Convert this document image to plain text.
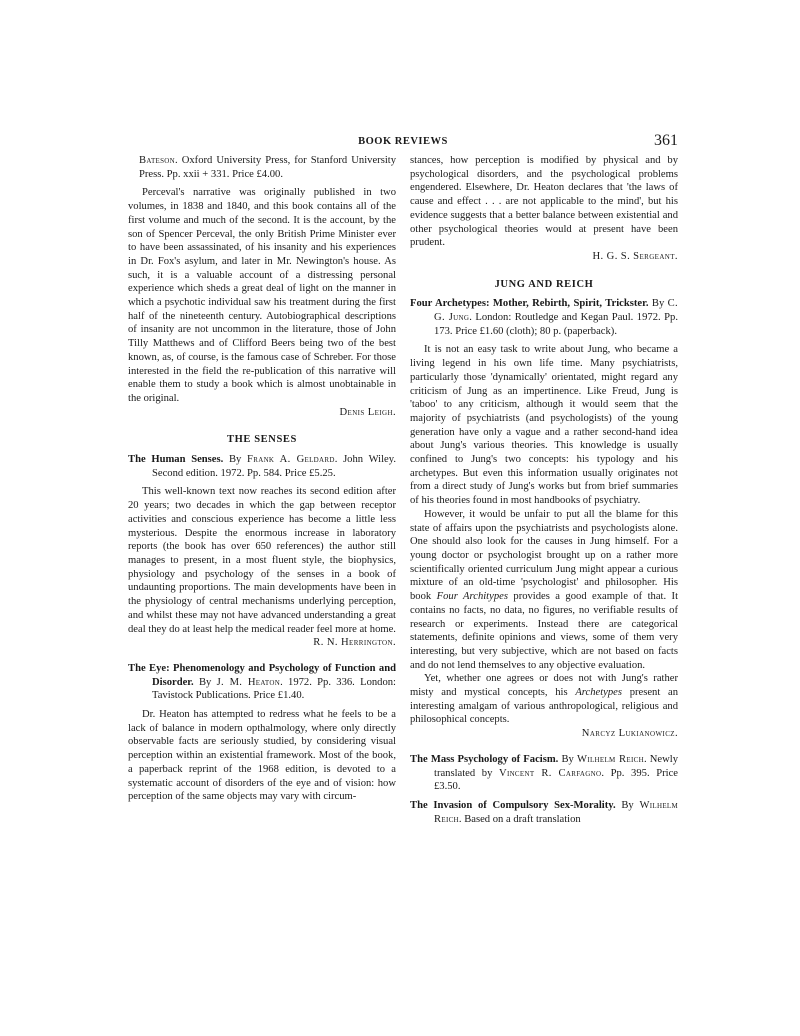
BOOK REVIEWS	361

Bateson. Oxford University Press, for Stanford University Press. Pp. xxii + 331. Price £4.00.

Perceval's narrative was originally published in two volumes, in 1838 and 1840, and this book contains all of the first volume and much of the second. It is the account, by the son of Spencer Perceval, the only British Prime Minister ever to have been assassinated, of his insanity and his experiences in Dr. Fox's asylum, and later in Mr. Newington's house. As such, it is a valuable account of a distressing personal experience which sheds a great deal of light on the manner in which a psychotic individual saw his treatment during the first half of the nineteenth century. Autobiographical descriptions of insanity are not uncommon in the literature, those of John Tilly Matthews and of Clifford Beers being two of the best known, as, of course, is the famous case of Schreber. For those interested in the field the re-publication of this narrative will enable them to study a book which is almost unobtainable in the original.

Denis Leigh.
THE SENSES

The Human Senses. By Frank A. Geldard. John Wiley. Second edition. 1972. Pp. 584. Price £5.25.

This well-known text now reaches its second edition after 20 years; two decades in which the gap between receptor activities and conscious experience has become a little less mysterious. Despite the enormous increase in laboratory reports (the book has over 650 references) the author still manages to present, in a most fluent style, the biophysics, physiology and psychology of the senses in a book of undaunting proportions. The main developments have been in the physiology of central mechanisms underlying perception, and whilst these may not have advanced understanding a great deal they do at least help the medical reader feel more at home.

R. N. Herrington.

The Eye: Phenomenology and Psychology of Function and Disorder. By J. M. Heaton. 1972. Pp. 336. London: Tavistock Publications. Price £1.40.

Dr. Heaton has attempted to redress what he feels to be a lack of balance in modern opthalmology, where only directly observable facts are seriously studied, by considering visual perception within an existential framework. Most of the book, a paperback reprint of the 1968 edition, is devoted to a systematic account of disorders of the eye and of vision: how perception of the same objects may vary with circum-

stances, how perception is modified by physical and by psychological disorders, and the psychological problems engendered. Elsewhere, Dr. Heaton declares that 'the laws of cause and effect . . . are not applicable to the mind', but his evidence suggests that a better balance between existential and other psychological theories would at present have been prudent.

H. G. S. Sergeant.
JUNG AND REICH

Four Archetypes: Mother, Rebirth, Spirit, Trickster. By C. G. Jung. London: Routledge and Kegan Paul. 1972. Pp. 173. Price £1.60 (cloth); 80 p. (paperback).

It is not an easy task to write about Jung, who became a living legend in his own life time. Many psychiatrists, particularly those 'dynamically' orientated, might regard any criticism of Jung as an impertinence. Like Freud, Jung is 'taboo' to any criticism, although it would seem that the majority of psychiatrists (and psychologists) of the young generation have only a vague and a rather second-hand idea about Jung's various theories. This knowledge is usually confined to Jung's two concepts: his typology and his archetypes. But even this information usually originates not from a direct study of Jung's works but from brief summaries of his theories found in most handbooks of psychiatry.

However, it would be unfair to put all the blame for this state of affairs upon the psychiatrists and psychologists alone. One should also look for the causes in Jung himself. For a young doctor or psychologist brought up on a rather more scientifically oriented curriculum Jung might appear a curious mixture of an old-time 'psychologist' and philosopher. His book Four Architypes provides a good example of that. It contains no facts, no data, no figures, no verifiable results of research or experiments. Instead there are categorical statements, definite opinions and views, some of them very interesting, but very subjective, which are not based on facts and do not lend themselves to any objective evaluation.

Yet, whether one agrees or does not with Jung's rather misty and mystical concepts, his Archetypes present an interesting amalgam of various anthropological, religious and philosophical concepts.

Narcyz Lukianowicz.

The Mass Psychology of Facism. By Wilhelm Reich. Newly translated by Vincent R. Carfagno. Pp. 395. Price £3.50.

The Invasion of Compulsory Sex-Morality. By Wilhelm Reich. Based on a draft translation
